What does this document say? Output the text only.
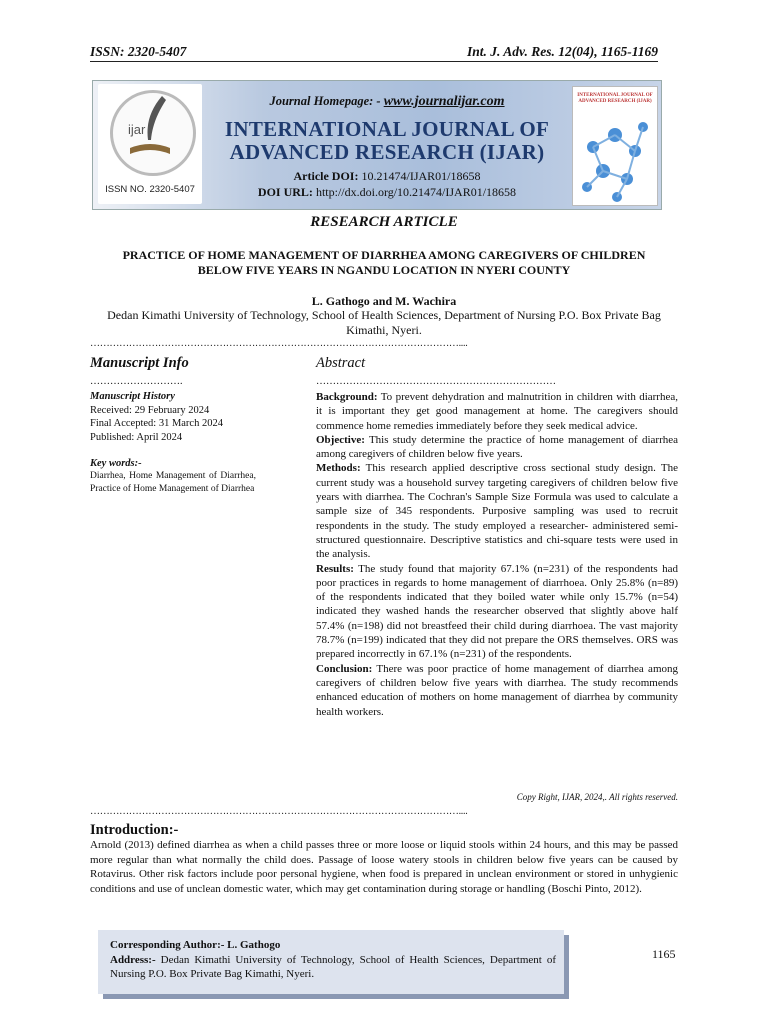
ISSN: 2320-5407	Int. J. Adv. Res. 12(04), 1165-1169
ijar
ISSN NO. 2320-5407
INTERNATIONAL JOURNAL OF ADVANCED RESEARCH (IJAR)
Journal Homepage: - www.journalijar.com
INTERNATIONAL JOURNAL OF
ADVANCED RESEARCH (IJAR)
Article DOI: 10.21474/IJAR01/18658
DOI URL: http://dx.doi.org/10.21474/IJAR01/18658
RESEARCH ARTICLE
PRACTICE OF HOME MANAGEMENT OF DIARRHEA AMONG CAREGIVERS OF CHILDREN
BELOW FIVE YEARS IN NGANDU LOCATION IN NYERI COUNTY
L. Gathogo and M. Wachira
Dedan Kimathi University of Technology, School of Health Sciences, Department of Nursing P.O. Box Private Bag Kimathi, Nyeri.
……………………………………………………………………………………………………....
Manuscript Info
……………………….
Manuscript History
Received: 29 February 2024
Final Accepted: 31 March 2024
Published: April 2024
Key words:-
Diarrhea, Home Management of Diarrhea, Practice of Home Management of Diarrhea
Abstract
………………………………………………………………

Background: To prevent dehydration and malnutrition in children with diarrhea, it is important they get good management at home. The caregivers should commence home remedies immediately before they seek medical advice.

Objective: This study determine the practice of home management of diarrhea among caregivers of children below five years.

Methods: This research applied descriptive cross sectional study design. The current study was a household survey targeting caregivers of children below five years with diarrhea. The Cochran's Sample Size Formula was used to calculate a sample size of 345 respondents. Purposive sampling was used to recruit respondents in the study. The study employed a researcher- administered semi-structured questionnaire. Descriptive statistics and chi-square tests were used in the analysis.

Results: The study found that majority 67.1% (n=231) of the respondents had poor practices in regards to home management of diarrhoea. Only 25.8% (n=89) of the respondents indicated that they boiled water while only 15.7% (n=54) indicated they washed hands the researcher observed that slightly above half 57.4% (n=198) did not breastfeed their child during diarrhoea. The vast majority 78.7% (n=199) indicated that they did not prepare the ORS themselves. ORS was prepared incorrectly in 67.1% (n=231) of the respondents.

Conclusion: There was poor practice of home management of diarrhea among caregivers of children below five years with diarrhea. The study recommends enhanced education of mothers on home management of diarrhea by community health workers.

Copy Right, IJAR, 2024,. All rights reserved.
……………………………………………………………………………………………………....
Introduction:-
Arnold (2013) defined diarrhea as when a child passes three or more loose or liquid stools within 24 hours, and this may be passed more regular than what normally the child does. Passage of loose watery stools in children below five years can be caused by Rotavirus. Other risk factors include poor personal hygiene, when food is prepared in unclean environment or stored in unhygienic conditions and use of unclean domestic water, which may get contamination during storage or handling (Boschi Pinto, 2012).
Corresponding Author:- L. Gathogo
Address:- Dedan Kimathi University of Technology, School of Health Sciences, Department of Nursing P.O. Box Private Bag Kimathi, Nyeri.
1165
